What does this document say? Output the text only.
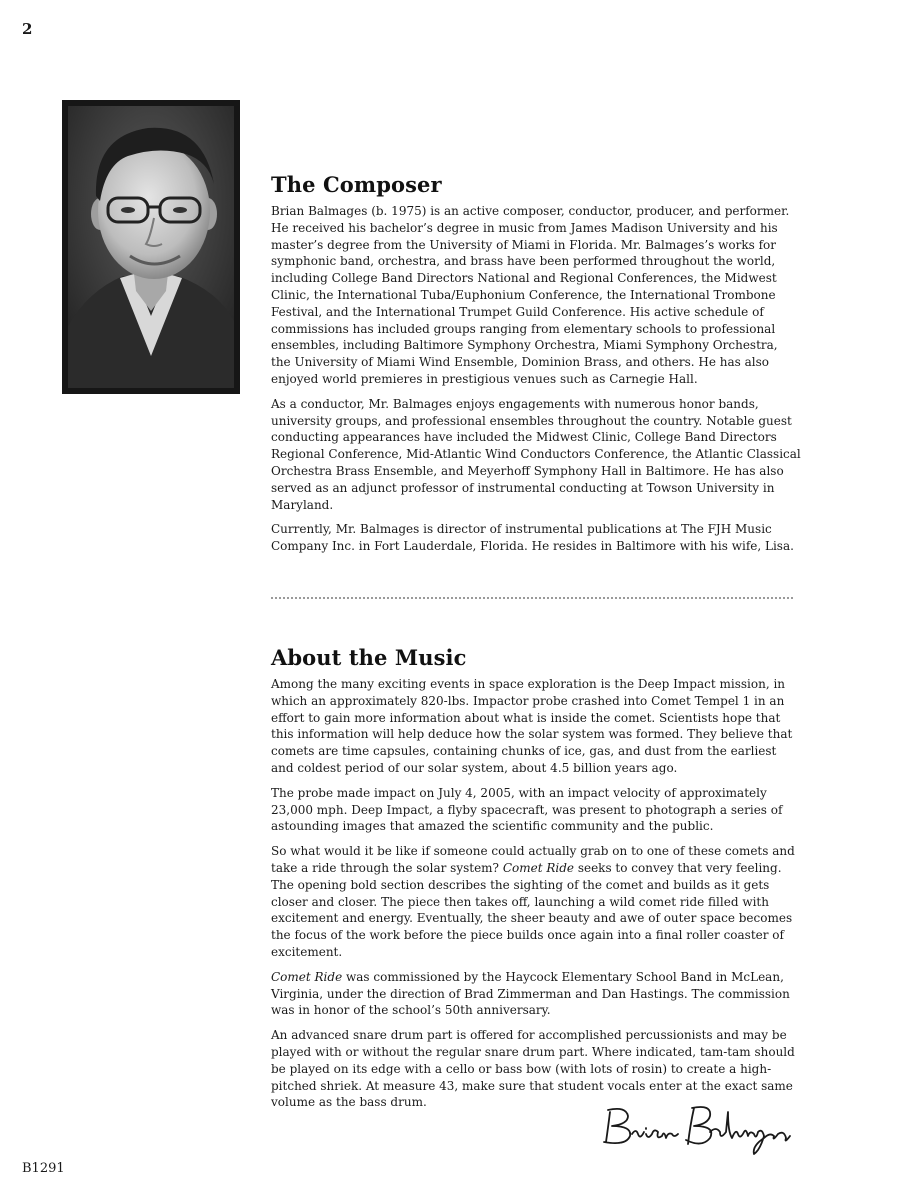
2
The Composer

Brian Balmages (b. 1975) is an active composer, conductor, producer, and performer. He received his bachelor’s degree in music from James Madison University and his master’s degree from the University of Miami in Florida. Mr. Balmages’s works for symphonic band, orchestra, and brass have been performed throughout the world, including College Band Directors National and Regional Conferences, the Midwest Clinic, the International Tuba/Euphonium Conference, the International Trombone Festival, and the International Trumpet Guild Conference. His active schedule of commissions has included groups ranging from elementary schools to professional ensembles, including Baltimore Symphony Orchestra, Miami Symphony Orchestra, the University of Miami Wind Ensemble, Dominion Brass, and others. He has also enjoyed world premieres in prestigious venues such as Carnegie Hall.

As a conductor, Mr. Balmages enjoys engagements with numerous honor bands, university groups, and professional ensembles throughout the country. Notable guest conducting appearances have included the Midwest Clinic, College Band Directors Regional Conference, Mid-Atlantic Wind Conductors Conference, the Atlantic Classical Orchestra Brass Ensemble, and Meyerhoff Symphony Hall in Baltimore. He has also served as an adjunct professor of instrumental conducting at Towson University in Maryland.

Currently, Mr. Balmages is director of instrumental publications at The FJH Music Company Inc. in Fort Lauderdale, Florida. He resides in Baltimore with his wife, Lisa.

About the Music

Among the many exciting events in space exploration is the Deep Impact mission, in which an approximately 820-lbs. Impactor probe crashed into Comet Tempel 1 in an effort to gain more information about what is inside the comet. Scientists hope that this information will help deduce how the solar system was formed. They believe that comets are time capsules, containing chunks of ice, gas, and dust from the earliest and coldest period of our solar system, about 4.5 billion years ago.

The probe made impact on July 4, 2005, with an impact velocity of approximately 23,000 mph. Deep Impact, a flyby spacecraft, was present to photograph a series of astounding images that amazed the scientific community and the public.

So what would it be like if someone could actually grab on to one of these comets and take a ride through the solar system? Comet Ride seeks to convey that very feeling. The opening bold section describes the sighting of the comet and builds as it gets closer and closer. The piece then takes off, launching a wild comet ride filled with excitement and energy. Eventually, the sheer beauty and awe of outer space becomes the focus of the work before the piece builds once again into a final roller coaster of excitement.

Comet Ride was commissioned by the Haycock Elementary School Band in McLean, Virginia, under the direction of Brad Zimmerman and Dan Hastings. The commission was in honor of the school’s 50th anniversary.

An advanced snare drum part is offered for accomplished percussionists and may be played with or without the regular snare drum part. Where indicated, tam-tam should be played on its edge with a cello or bass bow (with lots of rosin) to create a high-pitched shriek. At measure 43, make sure that student vocals enter at the exact same volume as the bass drum.

B1291
